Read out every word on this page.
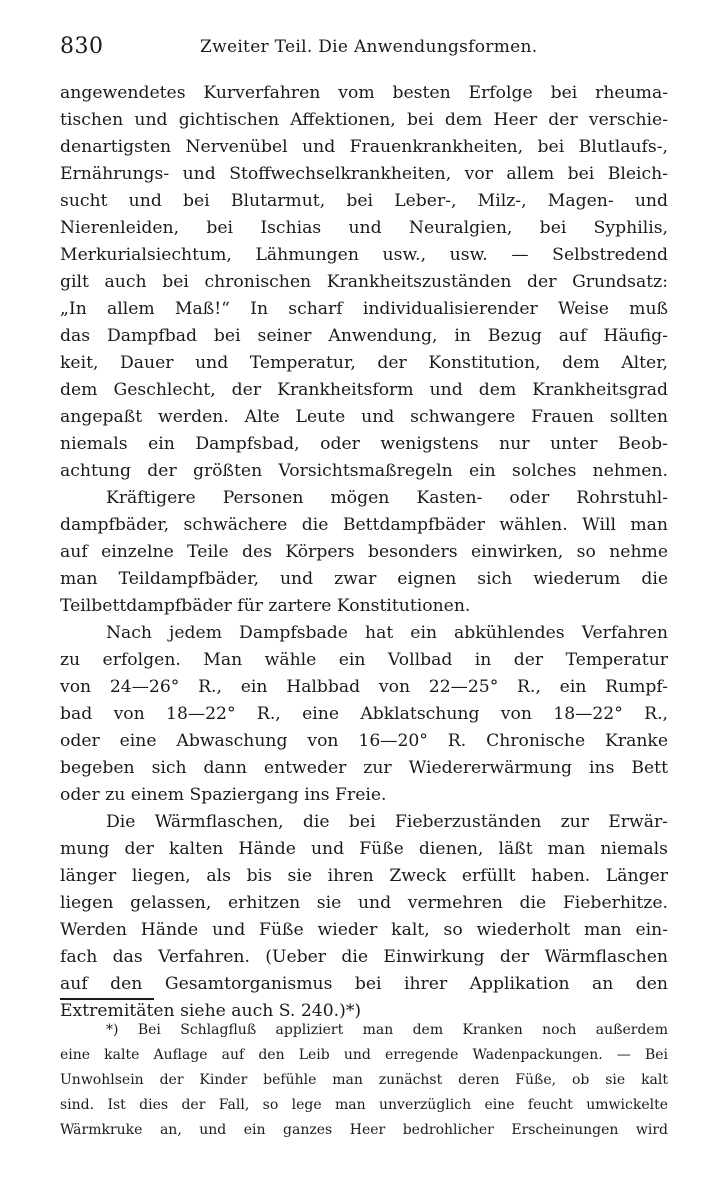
830	Zweiter Teil. Die Anwendungsformen.
angewendetes Kurverfahren vom besten Erfolge bei rheuma-
tischen und gichtischen Affektionen, bei dem Heer der verschie-
denartigsten Nervenübel und Frauenkrankheiten, bei Blutlaufs-,
Ernährungs- und Stoffwechselkrankheiten, vor allem bei Bleich-
sucht und bei Blutarmut, bei Leber-, Milz-, Magen- und
Nierenleiden, bei Ischias und Neuralgien, bei Syphilis,
Merkurialsiechtum, Lähmungen usw., usw. — Selbstredend
gilt auch bei chronischen Krankheitszuständen der Grundsatz:
„In allem Maß!“ In scharf individualisierender Weise muß
das Dampfbad bei seiner Anwendung, in Bezug auf Häufig-
keit, Dauer und Temperatur, der Konstitution, dem Alter,
dem Geschlecht, der Krankheitsform und dem Krankheitsgrad
angepaßt werden. Alte Leute und schwangere Frauen sollten
niemals ein Dampfsbad, oder wenigstens nur unter Beob-
achtung der größten Vorsichtsmaßregeln ein solches nehmen.
Kräftigere Personen mögen Kasten- oder Rohrstuhl-
dampfbäder, schwächere die Bettdampfbäder wählen. Will man
auf einzelne Teile des Körpers besonders einwirken, so nehme
man Teildampfbäder, und zwar eignen sich wiederum die
Teilbettdampfbäder für zartere Konstitutionen.
Nach jedem Dampfsbade hat ein abkühlendes Verfahren
zu erfolgen. Man wähle ein Vollbad in der Temperatur
von 24—26° R., ein Halbbad von 22—25° R., ein Rumpf-
bad von 18—22° R., eine Abklatschung von 18—22° R.,
oder eine Abwaschung von 16—20° R. Chronische Kranke
begeben sich dann entweder zur Wiedererwärmung ins Bett
oder zu einem Spaziergang ins Freie.
Die Wärmflaschen, die bei Fieberzuständen zur Erwär-
mung der kalten Hände und Füße dienen, läßt man niemals
länger liegen, als bis sie ihren Zweck erfüllt haben. Länger
liegen gelassen, erhitzen sie und vermehren die Fieberhitze.
Werden Hände und Füße wieder kalt, so wiederholt man ein-
fach das Verfahren. (Ueber die Einwirkung der Wärmflaschen
auf den Gesamtorganismus bei ihrer Applikation an den
Extremitäten siehe auch S. 240.)*)
*) Bei Schlagfluß appliziert man dem Kranken noch außerdem
eine kalte Auflage auf den Leib und erregende Wadenpackungen. — Bei
Unwohlsein der Kinder befühle man zunächst deren Füße, ob sie kalt
sind. Ist dies der Fall, so lege man unverzüglich eine feucht umwickelte
Wärmkruke an, und ein ganzes Heer bedrohlicher Erscheinungen wird
